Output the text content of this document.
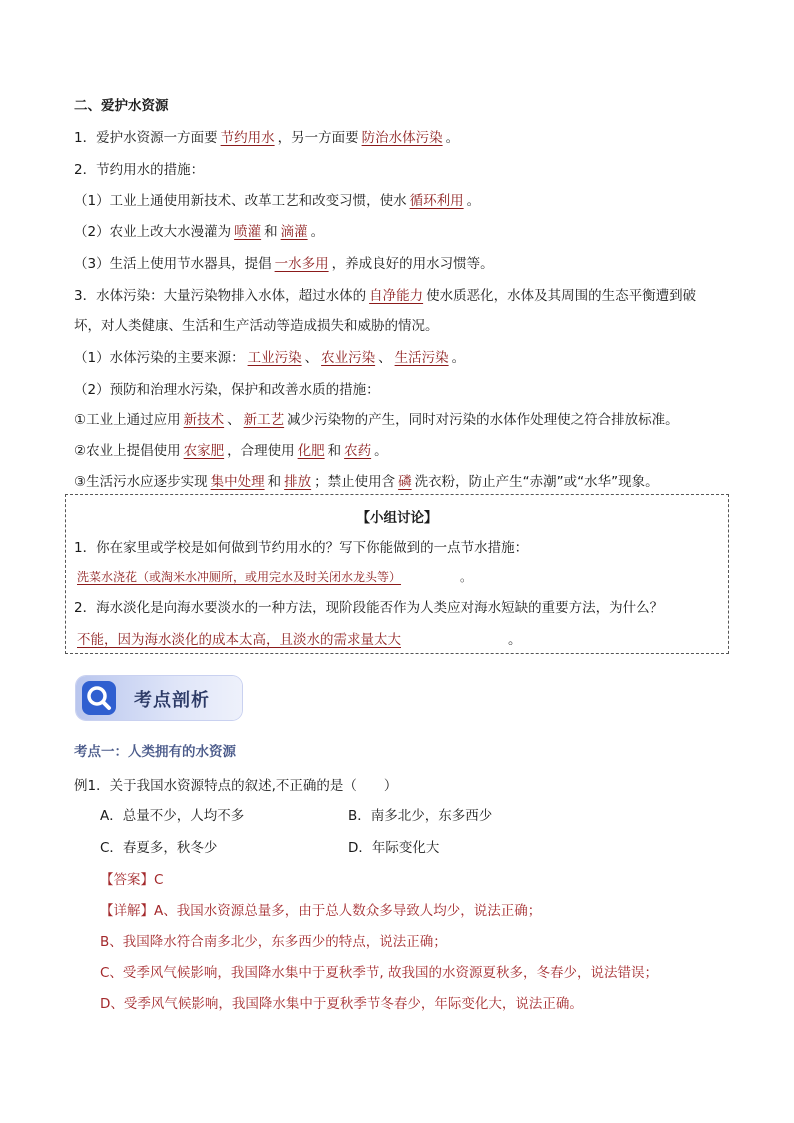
二、爱护水资源
1．爱护水资源一方面要 节约用水 ，另一方面要 防治水体污染 。
2．节约用水的措施：
（1）工业上通使用新技术、改革工艺和改变习惯，使水 循环利用 。
（2）农业上改大水漫灌为 喷灌 和 滴灌 。
（3）生活上使用节水器具，提倡 一水多用 ，养成良好的用水习惯等。
3．水体污染：大量污染物排入水体，超过水体的 自净能力 使水质恶化，水体及其周围的生态平衡遭到破
坏，对人类健康、生活和生产活动等造成损失和威胁的情况。
（1）水体污染的主要来源： 工业污染 、 农业污染 、 生活污染 。
（2）预防和治理水污染，保护和改善水质的措施：
①工业上通过应用 新技术 、 新工艺 减少污染物的产生，同时对污染的水体作处理使之符合排放标准。
②农业上提倡使用 农家肥 ，合理使用 化肥 和 农药 。
③生活污水应逐步实现 集中处理 和 排放 ；禁止使用含 磷 洗衣粉，防止产生“赤潮”或“水华”现象。
【小组讨论】
1．你在家里或学校是如何做到节约用水的？写下你能做到的一点节水措施：
洗菜水浇花（或淘米水冲厕所，或用完水及时关闭水龙头等）	。
2．海水淡化是向海水要淡水的一种方法，现阶段能否作为人类应对海水短缺的重要方法，为什么？
不能，因为海水淡化的成本太高，且淡水的需求量太大	。
考点剖析
考点一：人类拥有的水资源
例1．关于我国水资源特点的叙述,不正确的是（　　）
A．总量不少，人均不多	B．南多北少，东多西少
C．春夏多，秋冬少	D．年际变化大
【答案】C
【详解】A、我国水资源总量多，由于总人数众多导致人均少，说法正确；
B、我国降水符合南多北少，东多西少的特点，说法正确；
C、受季风气候影响，我国降水集中于夏秋季节, 故我国的水资源夏秋多，冬春少，说法错误；
D、受季风气候影响，我国降水集中于夏秋季节冬春少，年际变化大，说法正确。
